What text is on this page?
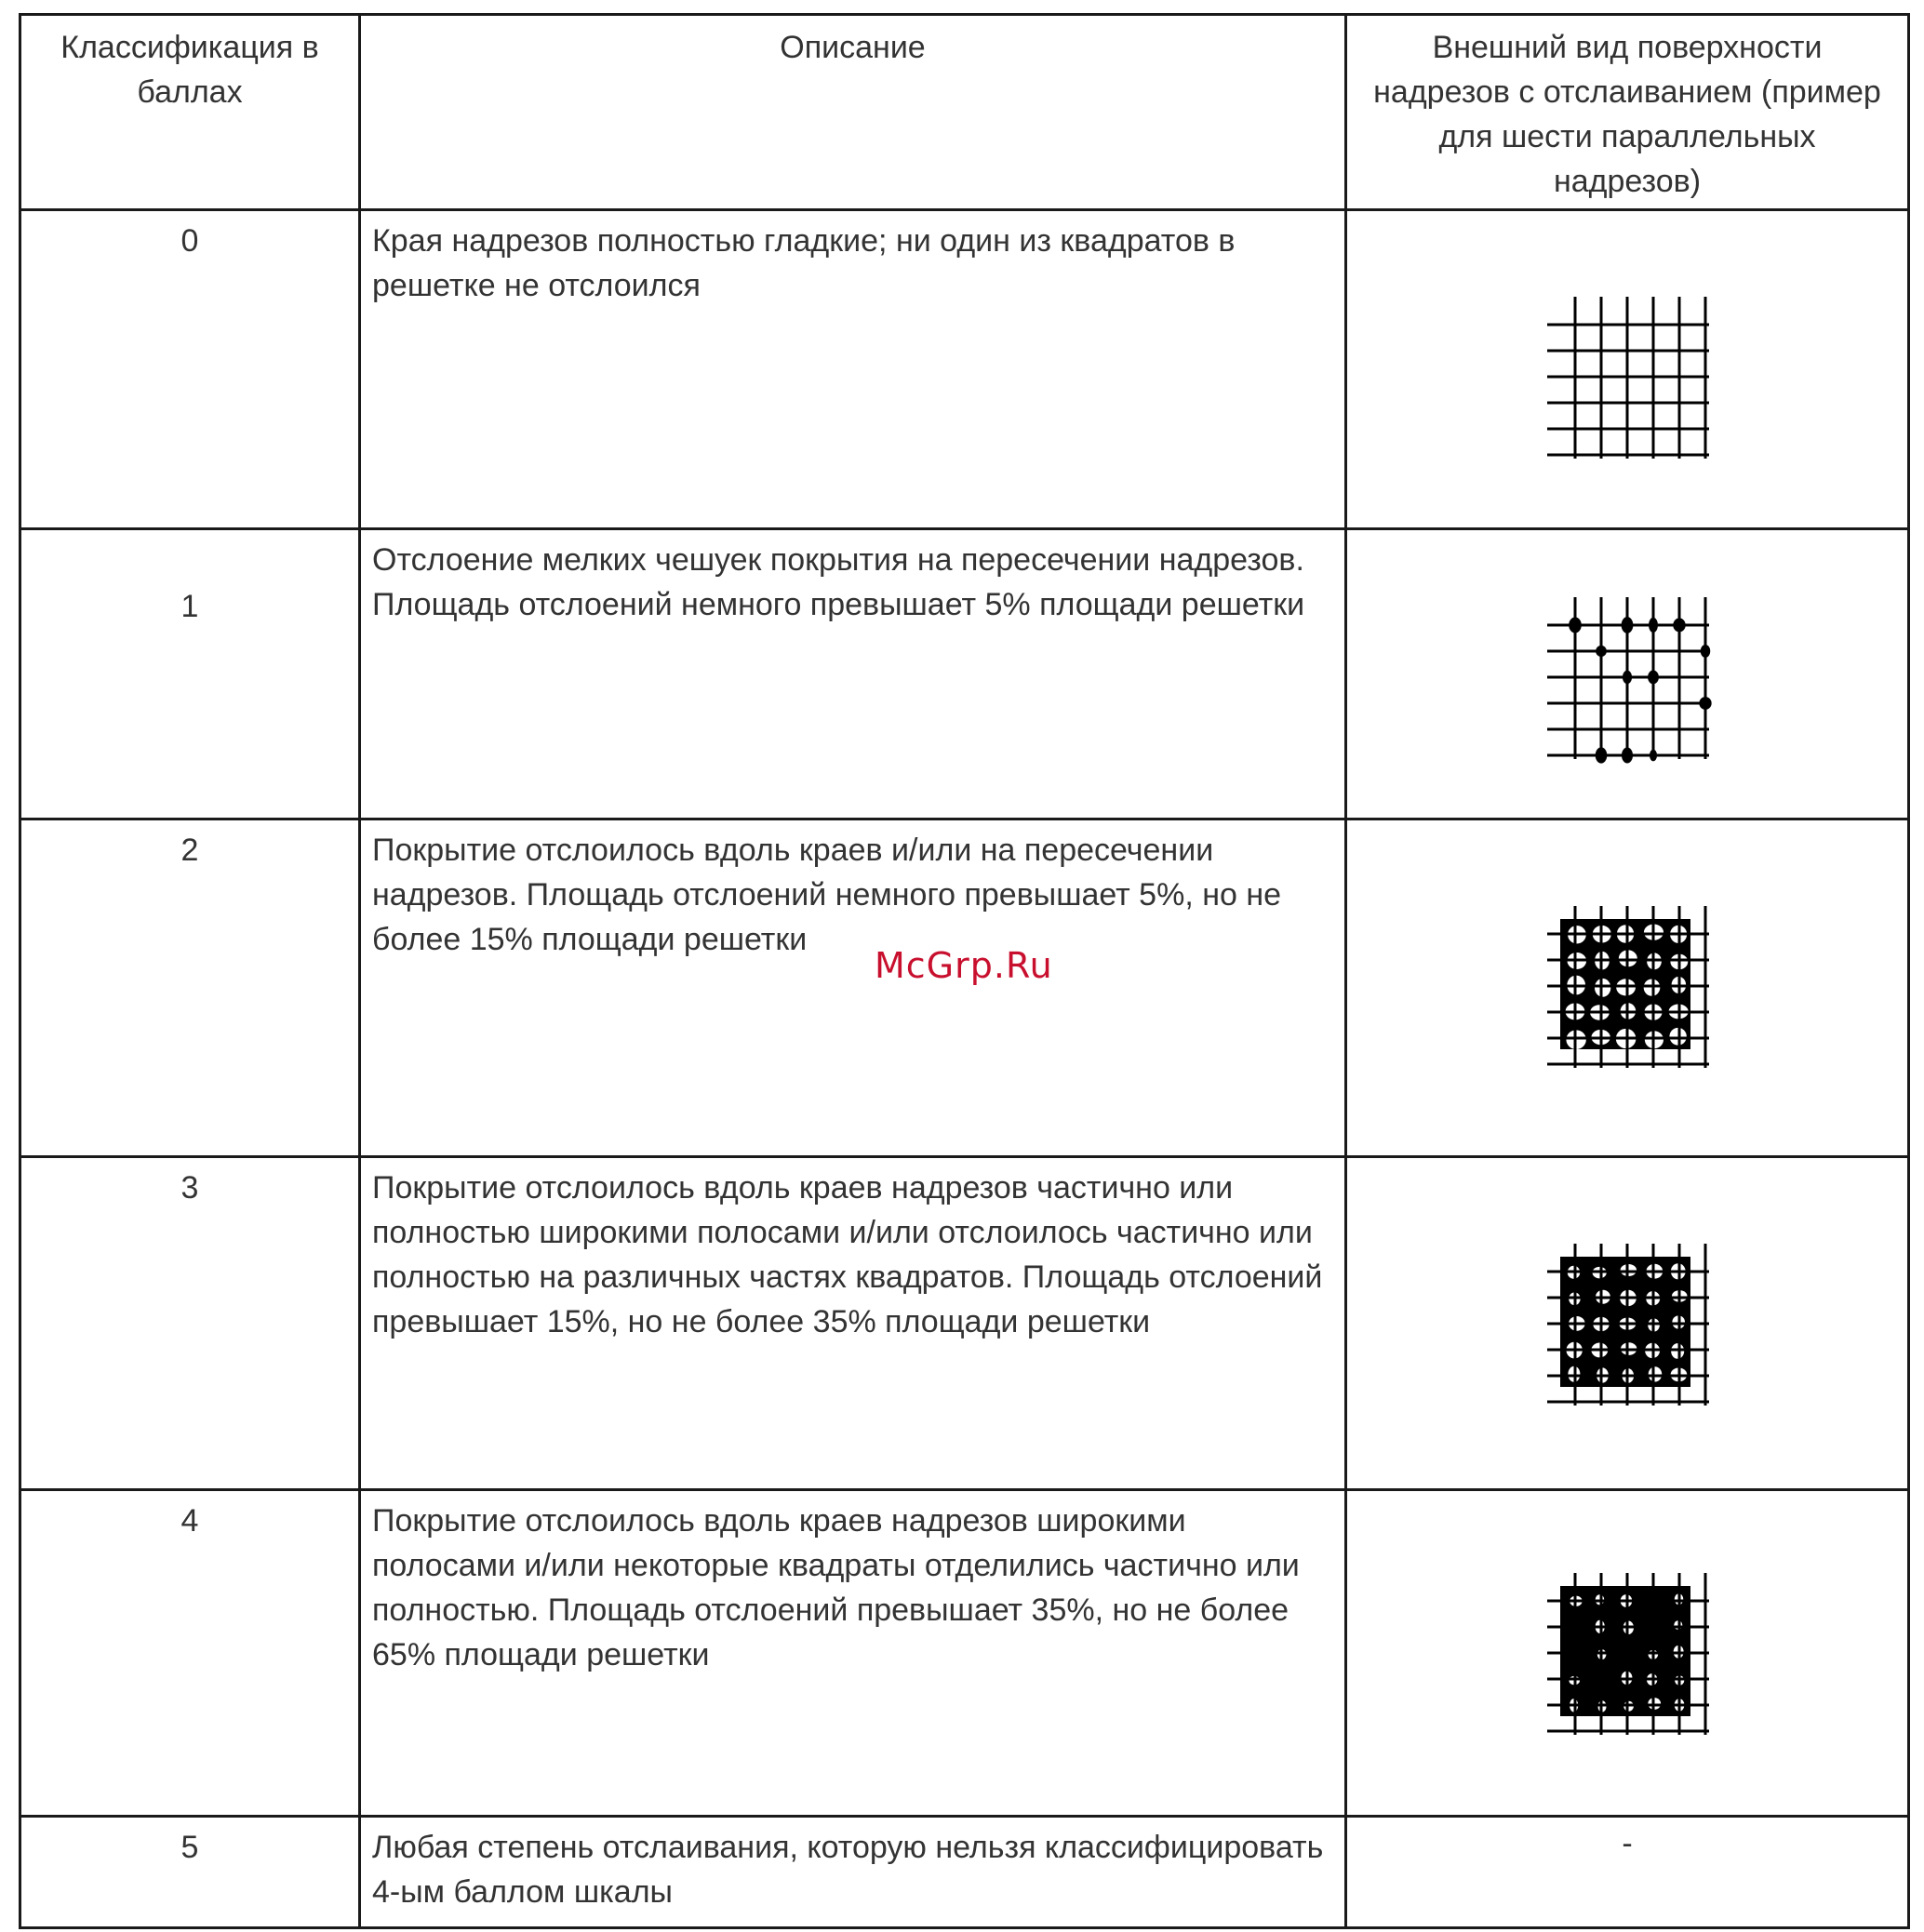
Классификация в баллах	Описание	Внешний вид поверхности надрезов с отслаиванием (пример для шести параллельных надрезов)

0	Края надрезов полностью гладкие; ни один из квадратов в решетке не отслоился

1	Отслоение мелких чешуек покрытия на пересечении надрезов. Площадь отслоений немного превышает 5% площади решетки

2	Покрытие отслоилось вдоль краев и/или на пересечении надрезов. Площадь отслоений немного превышает 5%, но не более 15% площади решетки

3	Покрытие отслоилось вдоль краев надрезов частично или полностью широкими полосами и/или отслоилось частично или полностью на различных частях квадратов. Площадь отслоений превышает 15%, но не более 35% площади решетки

4	Покрытие отслоилось вдоль краев надрезов широкими полосами и/или некоторые квадраты отделились частично или полностью. Площадь отслоений превышает 35%, но не более 65% площади решетки

5	Любая степень отслаивания, которую нельзя классифицировать 4-ым баллом шкалы	-
McGrp.Ru
